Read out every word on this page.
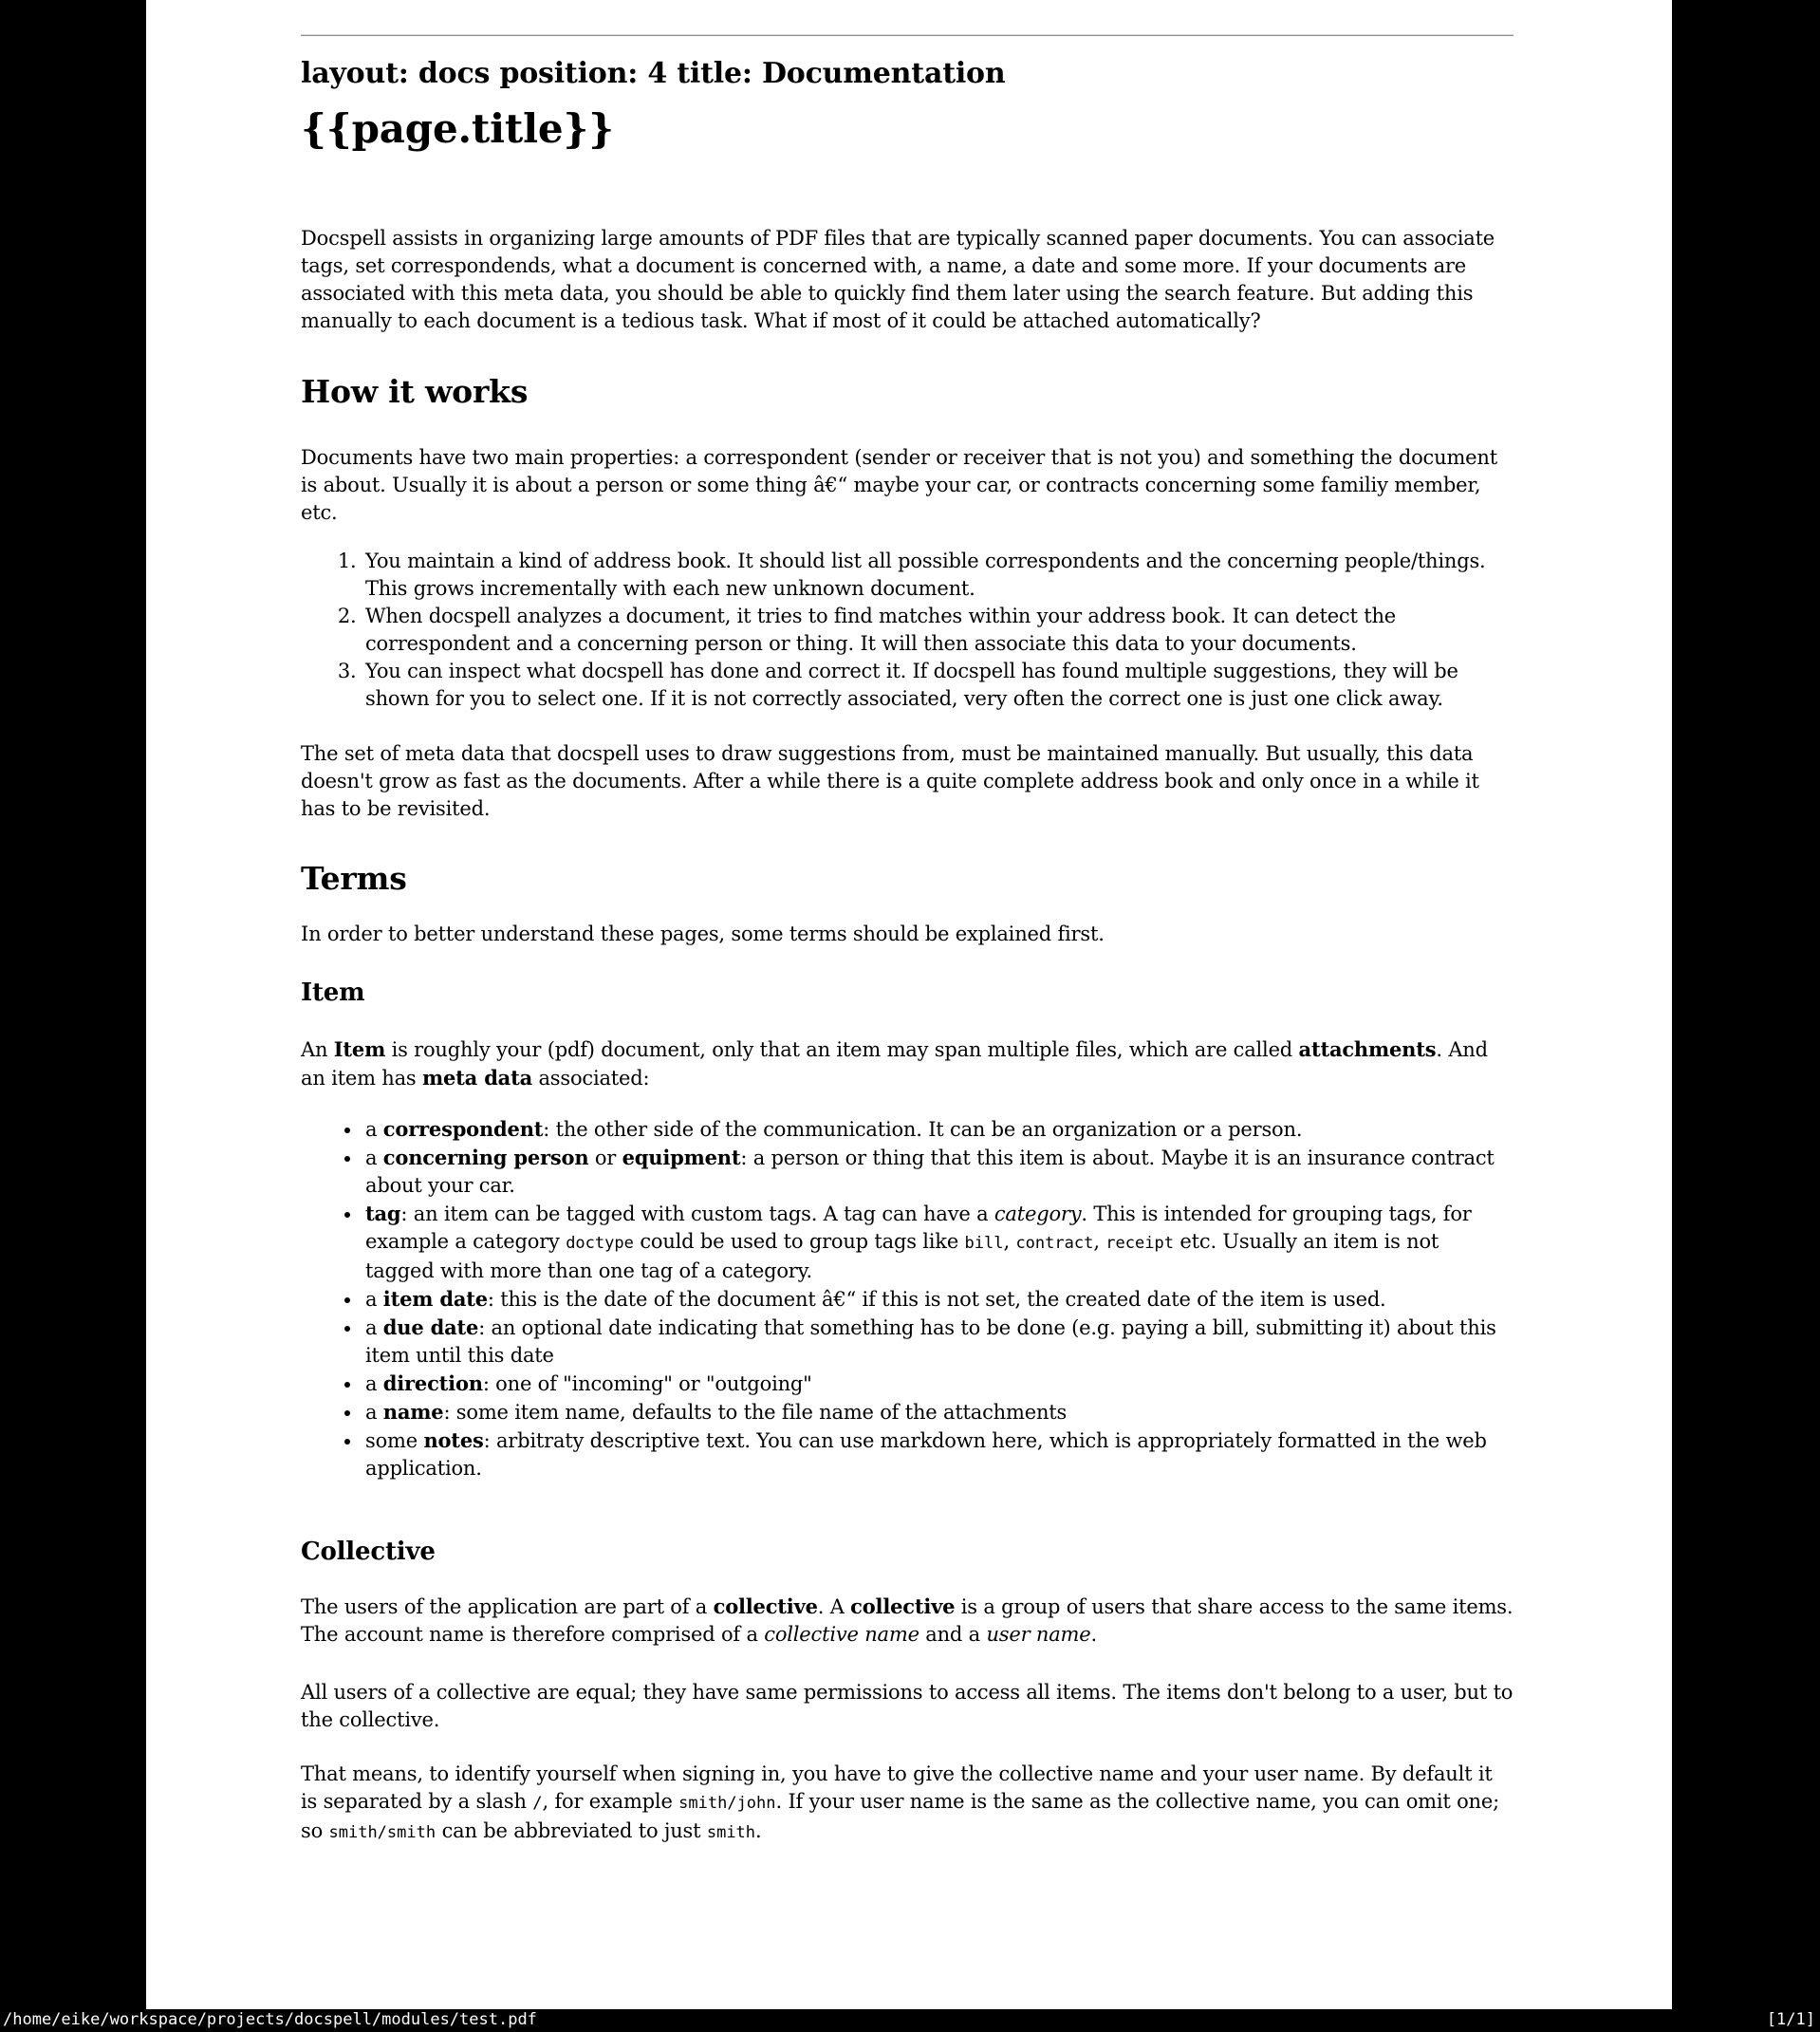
layout: docs position: 4 title: Documentation

{{page.title}}

Docspell assists in organizing large amounts of PDF files that are typically scanned paper documents. You can associate tags, set correspondends, what a document is concerned with, a name, a date and some more. If your documents are associated with this meta data, you should be able to quickly find them later using the search feature. But adding this manually to each document is a tedious task. What if most of it could be attached automatically?

How it works

Documents have two main properties: a correspondent (sender or receiver that is not you) and something the document is about. Usually it is about a person or some thing â€“ maybe your car, or contracts concerning some familiy member, etc.

1. You maintain a kind of address book. It should list all possible correspondents and the concerning people/things. This grows incrementally with each new unknown document.
2. When docspell analyzes a document, it tries to find matches within your address book. It can detect the correspondent and a concerning person or thing. It will then associate this data to your documents.
3. You can inspect what docspell has done and correct it. If docspell has found multiple suggestions, they will be shown for you to select one. If it is not correctly associated, very often the correct one is just one click away.

The set of meta data that docspell uses to draw suggestions from, must be maintained manually. But usually, this data doesn't grow as fast as the documents. After a while there is a quite complete address book and only once in a while it has to be revisited.

Terms

In order to better understand these pages, some terms should be explained first.

Item

An Item is roughly your (pdf) document, only that an item may span multiple files, which are called attachments. And an item has meta data associated:

• a correspondent: the other side of the communication. It can be an organization or a person.
• a concerning person or equipment: a person or thing that this item is about. Maybe it is an insurance contract about your car.
• tag: an item can be tagged with custom tags. A tag can have a category. This is intended for grouping tags, for example a category doctype could be used to group tags like bill, contract, receipt etc. Usually an item is not tagged with more than one tag of a category.
• a item date: this is the date of the document â€“ if this is not set, the created date of the item is used.
• a due date: an optional date indicating that something has to be done (e.g. paying a bill, submitting it) about this item until this date
• a direction: one of "incoming" or "outgoing"
• a name: some item name, defaults to the file name of the attachments
• some notes: arbitraty descriptive text. You can use markdown here, which is appropriately formatted in the web application.
Collective

The users of the application are part of a collective. A collective is a group of users that share access to the same items. The account name is therefore comprised of a collective name and a user name.

All users of a collective are equal; they have same permissions to access all items. The items don't belong to a user, but to the collective.

That means, to identify yourself when signing in, you have to give the collective name and your user name. By default it is separated by a slash /, for example smith/john. If your user name is the same as the collective name, you can omit one; so smith/smith can be abbreviated to just smith.

/home/eike/workspace/projects/docspell/modules/test.pdf	[1/1]
